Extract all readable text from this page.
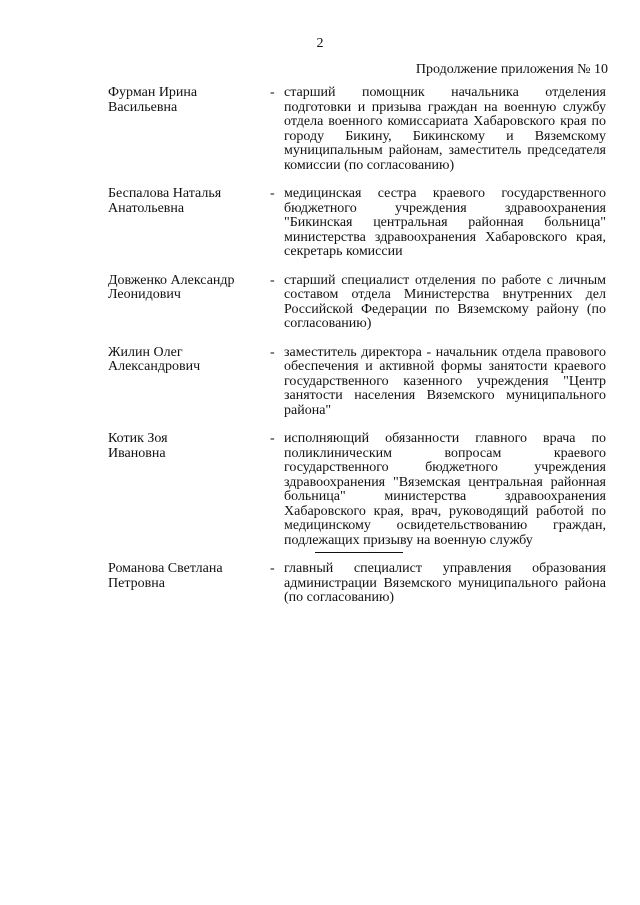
2
Продолжение приложения № 10
Фурман Ирина
Васильевна
- старший помощник начальника отделения подготовки и призыва граждан на военную службу отдела военного комиссариата Хабаровского края по городу Бикину, Бикинскому и Вяземскому муниципальным районам, заместитель председателя комиссии (по согласованию)
Беспалова Наталья
Анатольевна
- медицинская сестра краевого государственного бюджетного учреждения здравоохранения "Бикинская центральная районная больница" министерства здравоохранения Хабаровского края, секретарь комиссии
Довженко Александр
Леонидович
- старший специалист отделения по работе с личным составом отдела Министерства внутренних дел Российской Федерации по Вяземскому району (по согласованию)
Жилин Олег
Александрович
- заместитель директора - начальник отдела правового обеспечения и активной формы занятости краевого государственного казенного учреждения "Центр занятости населения Вяземского муниципального района"
Котик Зоя
Ивановна
- исполняющий обязанности главного врача по поликлиническим вопросам краевого государственного бюджетного учреждения здравоохранения "Вяземская центральная районная больница" министерства здравоохранения Хабаровского края, врач, руководящий работой по медицинскому освидетельствованию граждан, подлежащих призыву на военную службу
Романова Светлана
Петровна
- главный специалист управления образования администрации Вяземского муниципального района (по согласованию)
